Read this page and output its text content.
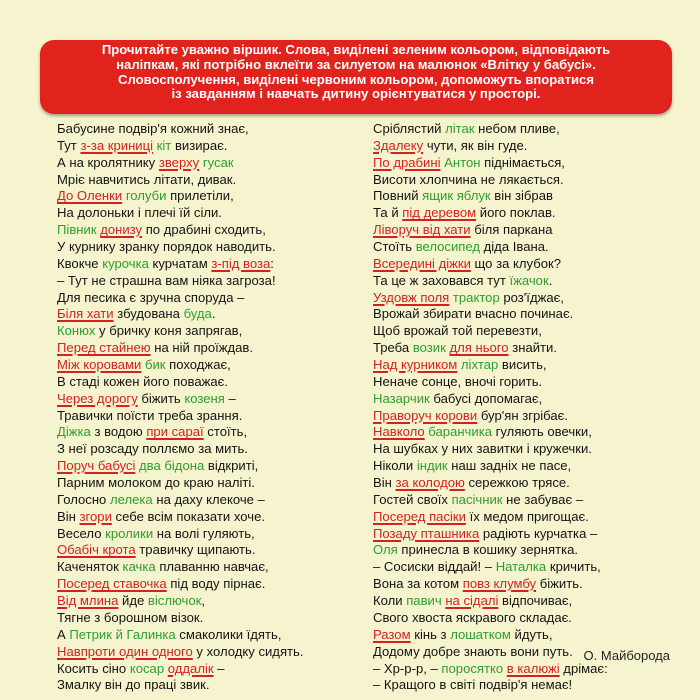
Прочитайте уважно віршик. Слова, виділені зеленим кольором, відповідають
наліпкам, які потрібно вклеїти за силуетом на малюнок «Влітку у бабусі».
Словосполучення, виділені червоним кольором, допоможуть впоратися
із завданням і навчать дитину орієнтуватися у просторі.
Бабусине подвір'я кожний знає,
Тут з-за криниці кіт визирає.
А на кролятнику зверху гусак
Мріє навчитись літати, дивак.
До Оленки голуби прилетіли,
На долоньки і плечі їй сіли.
Півник донизу по драбині сходить,
У курнику зранку порядок наводить.
Квокче курочка курчатам з-під воза:
– Тут не страшна вам ніяка загроза!
Для песика є зручна споруда –
Біля хати збудована буда.
Конюх у бричку коня запрягав,
Перед стайнею на ній проїждав.
Між коровами бик походжає,
В стаді кожен його поважає.
Через дорогу біжить козеня –
Травички поїсти треба зрання.
Діжка з водою при сараї стоїть,
З неї розсаду поллємо за мить.
Поруч бабусі два бідона відкриті,
Парним молоком до краю наліті.
Голосно лелека на даху клекоче –
Він згори себе всім показати хоче.
Весело кролики на волі гуляють,
Обабіч крота травичку щипають.
Каченяток качка плаванню навчає,
Посеред ставочка під воду пірнає.
Від млина йде віслючок,
Тягне з борошном візок.
А Петрик й Галинка смаколики їдять,
Навпроти один одного у холодку сидять.
Косить сіно косар оддалік –
Змалку він до праці звик.
Сріблястий літак небом пливе,
Здалеку чути, як він гуде.
По драбині Антон піднімається,
Висоти хлопчина не лякається.
Повний ящик яблук він зібрав
Та й під деревом його поклав.
Ліворуч від хати біля паркана
Стоїть велосипед діда Івана.
Всередині діжки що за клубок?
Та це ж заховався тут їжачок.
Уздовж поля трактор роз'їджає,
Врожай збирати вчасно починає.
Щоб врожай той перевезти,
Треба возик для нього знайти.
Над курником ліхтар висить,
Неначе сонце, вночі горить.
Назарчик бабусі допомагає,
Праворуч корови бур'ян згрібає.
Навколо баранчика гуляють овечки,
На шубках у них завитки і кружечки.
Ніколи індик наш задніх не пасе,
Він за колодою сережкою трясе.
Гостей своїх пасічник не забуває –
Посеред пасіки їх медом пригощає.
Позаду пташника радіють курчатка –
Оля принесла в кошику зернятка.
– Сосиски віддай! – Наталка кричить,
Вона за котом повз клумбу біжить.
Коли павич на сідалі відпочиває,
Свого хвоста яскравого складає.
Разом кінь з лошатком йдуть,
Додому добре знають вони путь.
– Хр-р-р, – поросятко в калюжі дрімає:
– Кращого в світі подвір'я немає!
О. Майборода
